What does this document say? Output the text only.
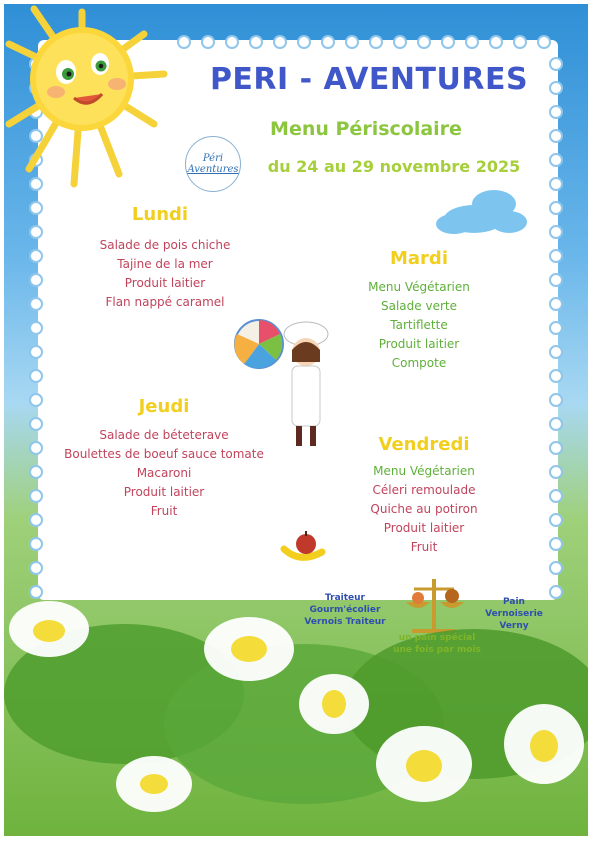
PERI - AVENTURES
Péri
Aventures
Menu Périscolaire
du 24 au 29 novembre 2025
Lundi
Salade de pois chiche
Tajine de la mer
Produit laitier
Flan nappé caramel
Mardi
Menu Végétarien
Salade verte
Tartiflette
Produit laitier
Compote
Jeudi
Salade de béteterave
Boulettes de boeuf sauce tomate
Macaroni
Produit laitier
Fruit
Vendredi
Menu Végétarien
Céleri remoulade
Quiche au potiron
Produit laitier
Fruit
Traiteur
Gourm'écolier
Vernois Traiteur
un pain spécial
une fois par mois
Pain
Vernoiserie
Verny
